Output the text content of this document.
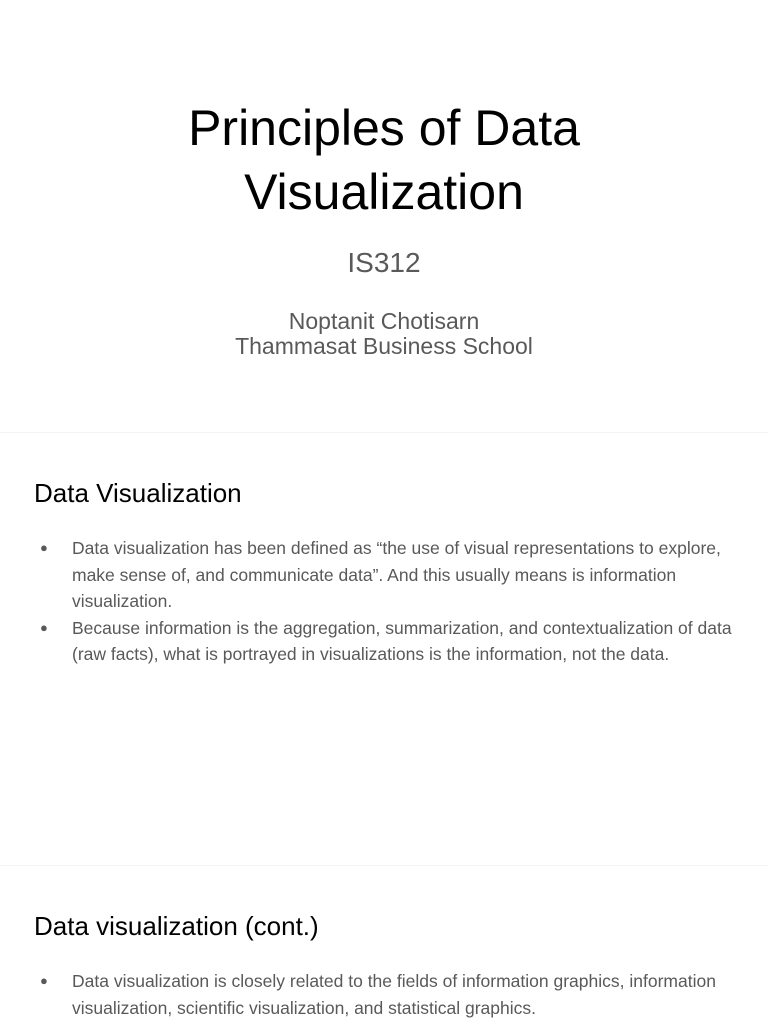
Principles of Data
Visualization

IS312

Noptanit Chotisarn
Thammasat Business School
Data Visualization
●	Data visualization has been defined as “the use of visual representations to explore, make sense of, and communicate data”. And this usually means is information visualization.
●	Because information is the aggregation, summarization, and contextualization of data (raw facts), what is portrayed in visualizations is the information, not the data.
Data visualization (cont.)
●	Data visualization is closely related to the fields of information graphics, information visualization, scientific visualization, and statistical graphics.
